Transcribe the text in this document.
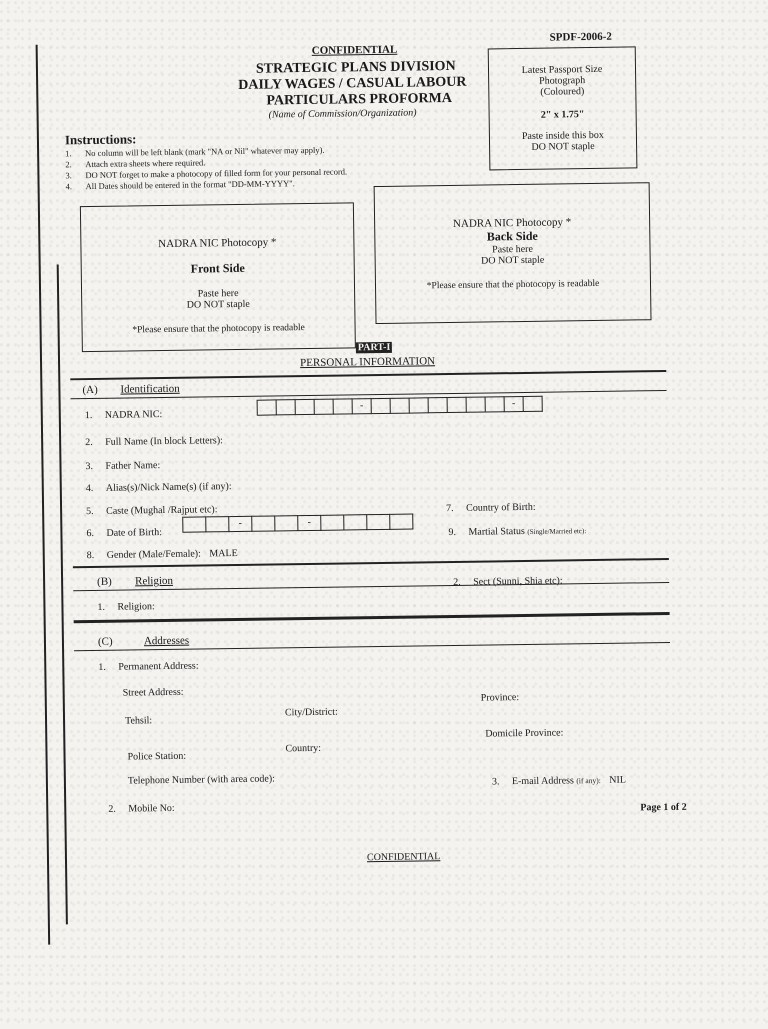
SPDF-2006-2
CONFIDENTIAL
STRATEGIC PLANS DIVISION
DAILY WAGES / CASUAL LABOUR
PARTICULARS PROFORMA
(Name of Commission/Organization)
Latest Passport Size
Photograph
(Coloured)
2" x 1.75"
Paste inside this box
DO NOT staple
Instructions:
1. No column will be left blank (mark "NA or Nil" whatever may apply).
2. Attach extra sheets where required.
3. DO NOT forget to make a photocopy of filled form for your personal record.
4. All Dates should be entered in the format "DD-MM-YYYY".
NADRA NIC Photocopy *
Front Side
Paste here
DO NOT staple
*Please ensure that the photocopy is readable
NADRA NIC Photocopy *
Back Side
Paste here
DO NOT staple
*Please ensure that the photocopy is readable
PART-I
PERSONAL INFORMATION
(A) Identification
1. NADRA NIC:
-	-
2. Full Name (In block Letters):
3. Father Name:
4. Alias(s)/Nick Name(s) (if any):
5. Caste (Mughal /Rajput etc):
6. Date of Birth:
-	-
7. Country of Birth:
9. Martial Status (Single/Married etc):
8. Gender (Male/Female): MALE
(B) Religion	2. Sect (Sunni, Shia etc):
1. Religion:
(C)	Addresses
1. Permanent Address:
Street Address:	Province:
Tehsil:
City/District:
Domicile Province:
Police Station:
Country:
Telephone Number (with area code):	3. E-mail Address (if any): NIL
2. Mobile No:	Page 1 of 2
CONFIDENTIAL
